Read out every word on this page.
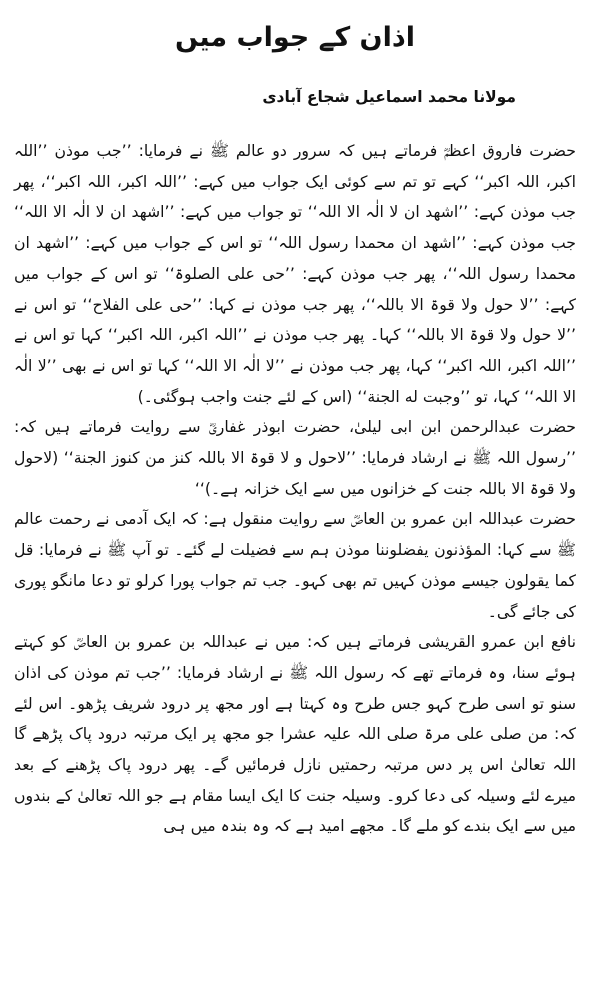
اذان کے جواب میں
مولانا محمد اسماعیل شجاع آبادی

حضرت فاروق اعظمؓ فرماتے ہیں کہ سرور دو عالم ﷺ نے فرمایا: ’’جب موذن ’’اللہ اکبر، اللہ اکبر‘‘ کہے تو تم سے کوئی ایک جواب میں کہے: ’’اللہ اکبر، اللہ اکبر‘‘، پھر جب موذن کہے: ’’اشھد ان لا الٰہ الا اللہ‘‘ تو جواب میں کہے: ’’اشھد ان لا الٰہ الا اللہ‘‘ جب موذن کہے: ’’اشھد ان محمدا رسول اللہ‘‘ تو اس کے جواب میں کہے: ’’اشھد ان محمدا رسول اللہ‘‘، پھر جب موذن کہے: ’’حی علی الصلوۃ‘‘ تو اس کے جواب میں کہے: ’’لا حول ولا قوۃ الا باللہ‘‘، پھر جب موذن نے کہا: ’’حی علی الفلاح‘‘ تو اس نے ’’لا حول ولا قوۃ الا باللہ‘‘ کہا۔ پھر جب موذن نے ’’اللہ اکبر، اللہ اکبر‘‘ کہا تو اس نے ’’اللہ اکبر، اللہ اکبر‘‘ کہا، پھر جب موذن نے ’’لا الٰہ الا اللہ‘‘ کہا تو اس نے بھی ’’لا الٰہ الا اللہ‘‘ کہا، تو ’’وجبت له الجنة‘‘ (اس کے لئے جنت واجب ہوگئی۔)

حضرت عبدالرحمن ابن ابی لیلیٰ، حضرت ابوذر غفاریؓ سے روایت فرماتے ہیں کہ: ’’رسول اللہ ﷺ نے ارشاد فرمایا: ’’لاحول و لا قوۃ الا باللہ کنز من کنوز الجنة‘‘ (لاحول ولا قوۃ الا باللہ جنت کے خزانوں میں سے ایک خزانہ ہے۔)‘‘

حضرت عبداللہ ابن عمرو بن العاصؓ سے روایت منقول ہے: کہ ایک آدمی نے رحمت عالم ﷺ سے کہا: المؤذنون يفضلوننا موذن ہم سے فضیلت لے گئے۔ تو آپ ﷺ نے فرمایا: قل کما یقولون جیسے موذن کہیں تم بھی کہو۔ جب تم جواب پورا کرلو تو دعا مانگو پوری کی جائے گی۔

نافع ابن عمرو القریشی فرماتے ہیں کہ: میں نے عبداللہ بن عمرو بن العاصؓ کو کہتے ہوئے سنا، وہ فرماتے تھے کہ رسول اللہ ﷺ نے ارشاد فرمایا: ’’جب تم موذن کی اذان سنو تو اسی طرح کہو جس طرح وہ کہتا ہے اور مجھ پر درود شریف پڑھو۔ اس لئے کہ: من صلی علی مرۃ صلی اللہ علیہ عشرا جو مجھ پر ایک مرتبہ درود پاک پڑھے گا اللہ تعالیٰ اس پر دس مرتبہ رحمتیں نازل فرمائیں گے۔ پھر درود پاک پڑھنے کے بعد میرے لئے وسیلہ کی دعا کرو۔ وسیلہ جنت کا ایک ایسا مقام ہے جو اللہ تعالیٰ کے بندوں میں سے ایک بندے کو ملے گا۔ مجھے امید ہے کہ وہ بندہ میں ہی
